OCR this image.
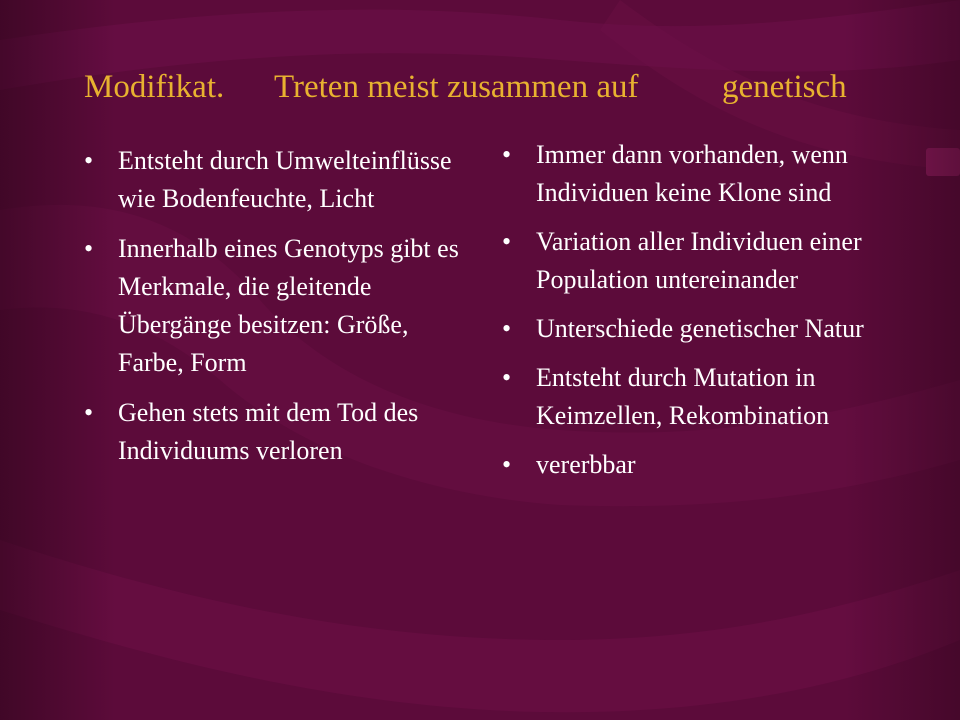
Modifikat. Treten meist zusammen auf	genetisch
• Entsteht durch Umwelteinflüsse wie Bodenfeuchte, Licht
• Innerhalb eines Genotyps gibt es Merkmale, die gleitende Übergänge besitzen: Größe, Farbe, Form
• Gehen stets mit dem Tod des Individuums verloren
• Immer dann vorhanden, wenn Individuen keine Klone sind
• Variation aller Individuen einer Population untereinander
• Unterschiede genetischer Natur
• Entsteht durch Mutation in Keimzellen, Rekombination
• vererbbar
